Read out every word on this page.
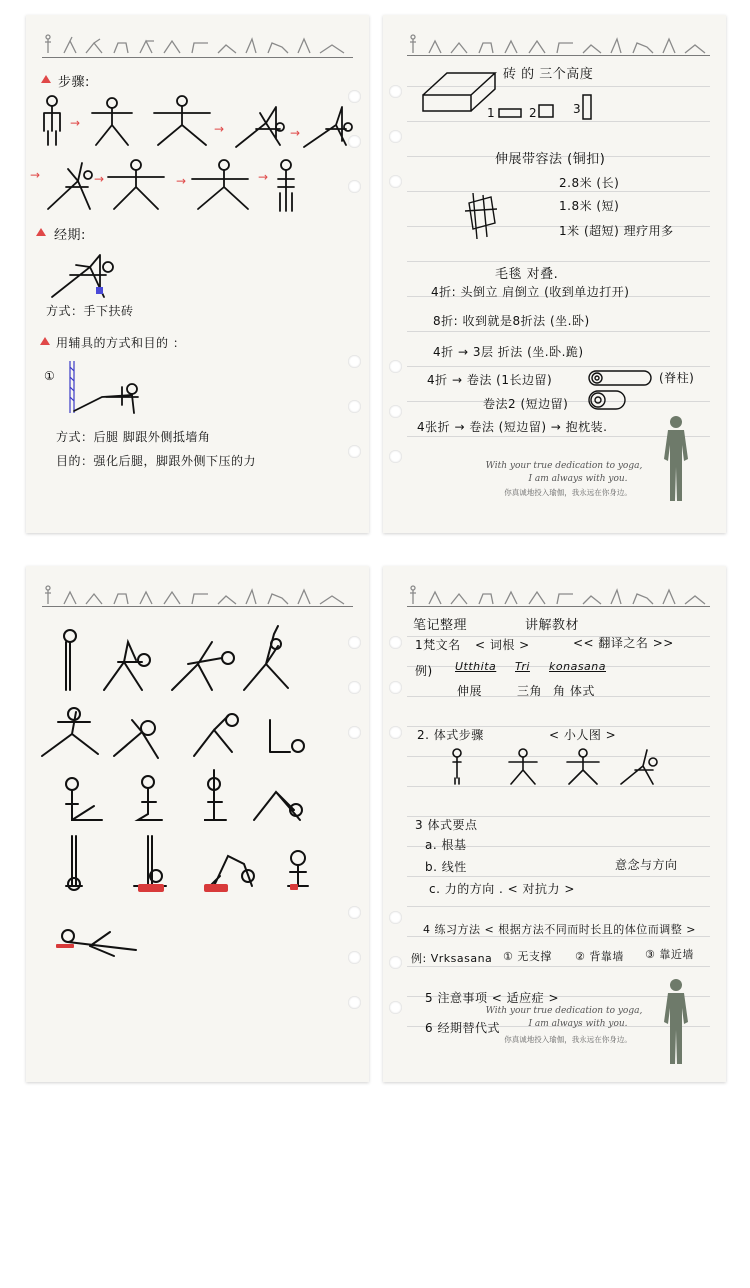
步骤:
→	→	→
→	→	→	→
经期:
方式：手下扶砖
用辅具的方式和目的 ：
①
方式：后腿 脚跟外侧抵墙角
目的：强化后腿，脚跟外侧下压的力
砖 的 三个高度
1	2	3
伸展带容法 (铜扣)
2.8米 (长)
1.8米 (短)
1米 (超短) 理疗用多
毛毯 对叠.
4折: 头倒立 肩倒立 (收到单边打开)
8折: 收到就是8折法 (坐.卧)
4折 → 3层 折法 (坐.卧.跪)
4折 → 卷法 (1长边留)	(脊柱)
卷法2 (短边留)
4张折 → 卷法 (短边留) → 抱枕装.
With your true dedication to yoga,
I am always with you.
你真诚地投入瑜伽，我永远在你身边。
笔记整理	讲解教材
1梵文名 < 词根 >	<< 翻译之名 >>
例) Utthita Tri konasana
伸展	三角 角 体式
2. 体式步骤	< 小人图 >
3 体式要点
a. 根基
b. 线性	意念与方向
c. 力的方向 . < 对抗力 >
4 练习方法 < 根据方法不同而时长且的体位而调整 >
例: Vrksasana ① 无支撑 ② 背靠墙 ③ 靠近墙
5 注意事项 < 适应症 >
6 经期替代式
With your true dedication to yoga,
I am always with you.
你真诚地投入瑜伽，我永远在你身边。
